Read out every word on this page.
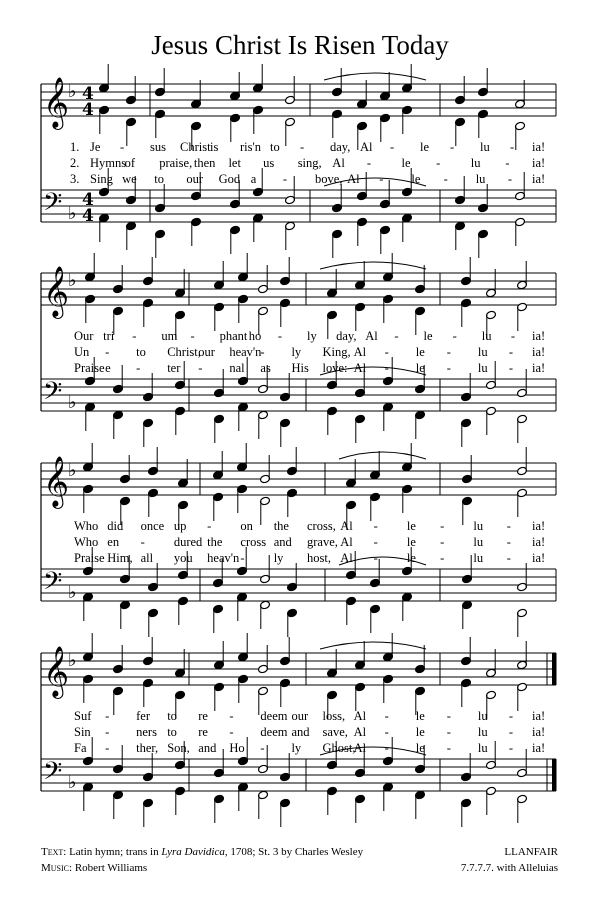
Jesus Christ Is Risen Today
𝄞
♭
𝄢 ♭
4
4
4
4
1. Je - sus Christ is ris'n to - day, Al - le - lu - ia!
2. Hymns
of praise, then let us sing, Al - le - lu - ia!
3. Sing we to our God a - bove, Al - le - lu - ia!
𝄞
♭
𝄢 ♭
Our tri - um - phant ho - ly day, Al - le - lu - ia!
Un - to Christ,
our heav'n
- ly King, Al - le - lu - ia!
Praise e - ter - nal as His love: Al - le - lu - ia!
𝄞
♭
𝄢 ♭
Who did once up - on the cross, Al - le - lu - ia!
Who en - dured the cross and grave, Al - le - lu - ia!
Praise Him, all you heav'n - ly host, Al - le - lu - ia!
𝄞
♭
𝄢 ♭
Suf - fer to re - deem our loss, Al - le - lu - ia!
Sin - ners to re - deem and save, Al - le - lu - ia!
Fa - ther, Son, and Ho - ly Ghost,
Al - le - lu - ia!
Text: Latin hymn; trans in Lyra Davidica, 1708; St. 3 by Charles Wesley
Music: Robert Williams
LLANFAIR
7.7.7.7. with Alleluias
